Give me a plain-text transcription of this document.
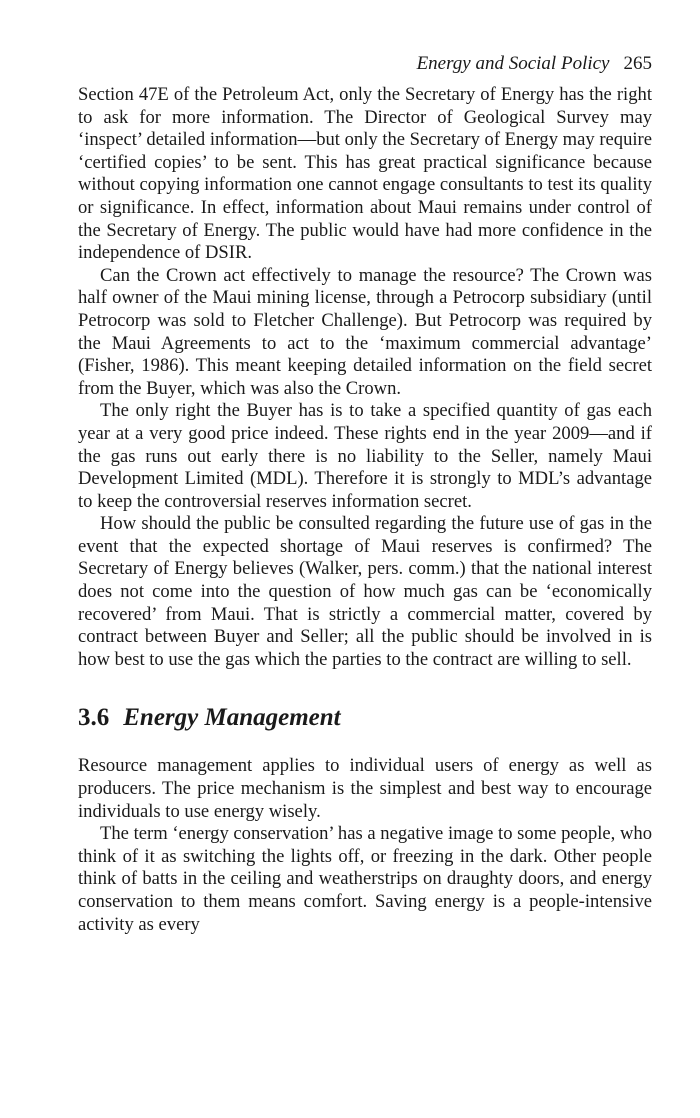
Energy and Social Policy 265

Section 47E of the Petroleum Act, only the Secretary of Energy has the right to ask for more information. The Director of Geological Survey may ‘inspect’ detailed information—but only the Secretary of Energy may require ‘certified copies’ to be sent. This has great practical significance because without copying information one cannot engage consultants to test its quality or significance. In effect, information about Maui remains under control of the Secretary of Energy. The public would have had more confidence in the independence of DSIR.

Can the Crown act effectively to manage the resource? The Crown was half owner of the Maui mining license, through a Petrocorp subsidiary (until Petrocorp was sold to Fletcher Challenge). But Petrocorp was required by the Maui Agreements to act to the ‘maximum commercial advantage’ (Fisher, 1986). This meant keeping detailed information on the field secret from the Buyer, which was also the Crown.

The only right the Buyer has is to take a specified quantity of gas each year at a very good price indeed. These rights end in the year 2009—and if the gas runs out early there is no liability to the Seller, namely Maui Development Limited (MDL). Therefore it is strongly to MDL’s advantage to keep the controversial reserves information secret.

How should the public be consulted regarding the future use of gas in the event that the expected shortage of Maui reserves is confirmed? The Secretary of Energy believes (Walker, pers. comm.) that the national interest does not come into the question of how much gas can be ‘economically recovered’ from Maui. That is strictly a commercial matter, covered by contract between Buyer and Seller; all the public should be involved in is how best to use the gas which the parties to the contract are willing to sell.

3.6 Energy Management

Resource management applies to individual users of energy as well as producers. The price mechanism is the simplest and best way to encourage individuals to use energy wisely.

The term ‘energy conservation’ has a negative image to some people, who think of it as switching the lights off, or freezing in the dark. Other people think of batts in the ceiling and weatherstrips on draughty doors, and energy conservation to them means comfort. Saving energy is a people-intensive activity as every
